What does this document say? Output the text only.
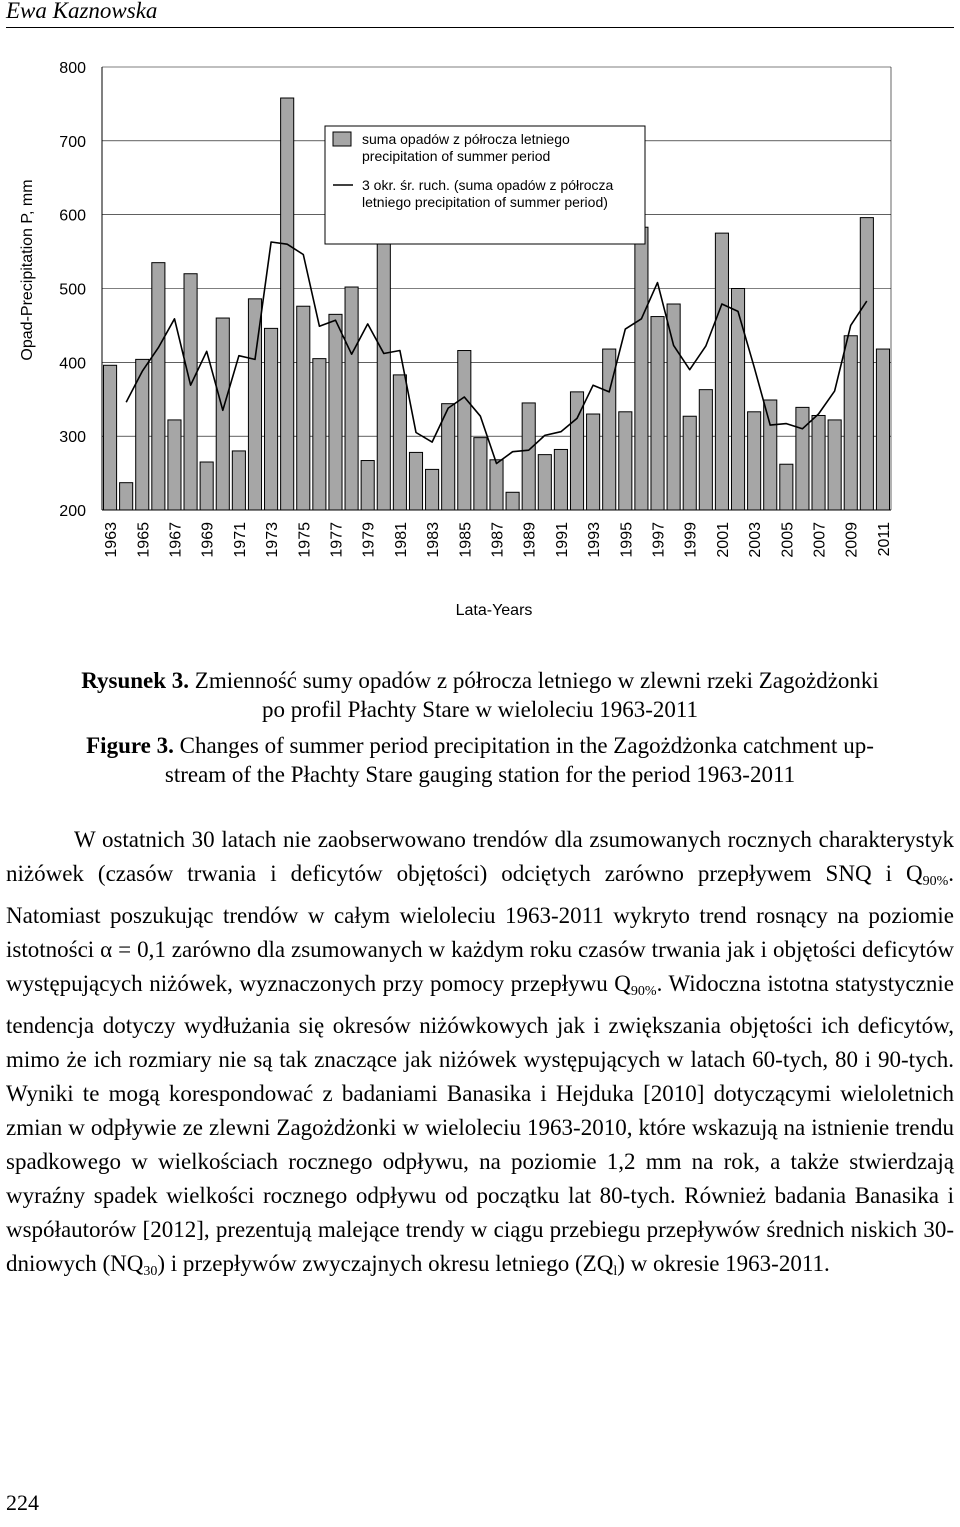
Ewa Kaznowska
200
300
400
500
600
700
800
1963 1965 1967 1969 1971 1973 1975 1977 1979 1981 1983 1985 1987 1989 1991 1993 1995 1997 1999 2001 2003 2005 2007 2009 2011
Opad-Precipitation P, mm
Lata-Years
suma opadów z półrocza letniego
precipitation of summer period
3 okr. śr. ruch. (suma opadów z półrocza
letniego precipitation of summer period)
Rysunek 3. Zmienność sumy opadów z półrocza letniego w zlewni rzeki Zagożdżonki
po profil Płachty Stare w wieloleciu 1963-2011
Figure 3. Changes of summer period precipitation in the Zagożdżonka catchment up-
stream of the Płachty Stare gauging station for the period 1963-2011

W ostatnich 30 latach nie zaobserwowano trendów dla zsumowanych rocznych charakterystyk niżówek (czasów trwania i deficytów objętości) odciętych zarówno przepływem SNQ i $Q_{90\%}$. Natomiast poszukując trendów w całym wieloleciu 1963-2011 wykryto trend rosnący na poziomie istotności α = 0,1 zarówno dla zsumowanych w każdym roku czasów trwania jak i objętości deficytów występujących niżówek, wyznaczonych przy pomocy przepływu $Q_{90\%}$. Widoczna istotna statystycznie tendencja dotyczy wydłużania się okresów niżówkowych jak i zwiększania objętości ich deficytów, mimo że ich rozmiary nie są tak znaczące jak niżówek występujących w latach 60-tych, 80 i 90-tych. Wyniki te mogą korespondować z badaniami Banasika i Hejduka [2010] dotyczącymi wieloletnich zmian w odpływie ze zlewni Zagożdżonki w wieloleciu 1963-2010, które wskazują na istnienie trendu spadkowego w wielkościach rocznego odpływu, na poziomie 1,2 mm na rok, a także stwierdzają wyraźny spadek wielkości rocznego odpływu od początku lat 80-tych. Również badania Banasika i współautorów [2012], prezentują malejące trendy w ciągu przebiegu przepływów średnich niskich 30-dniowych $(NQ_{30})$ i przepływów zwyczajnych okresu letniego $(ZQ_l)$ w okresie 1963-2011.

224
